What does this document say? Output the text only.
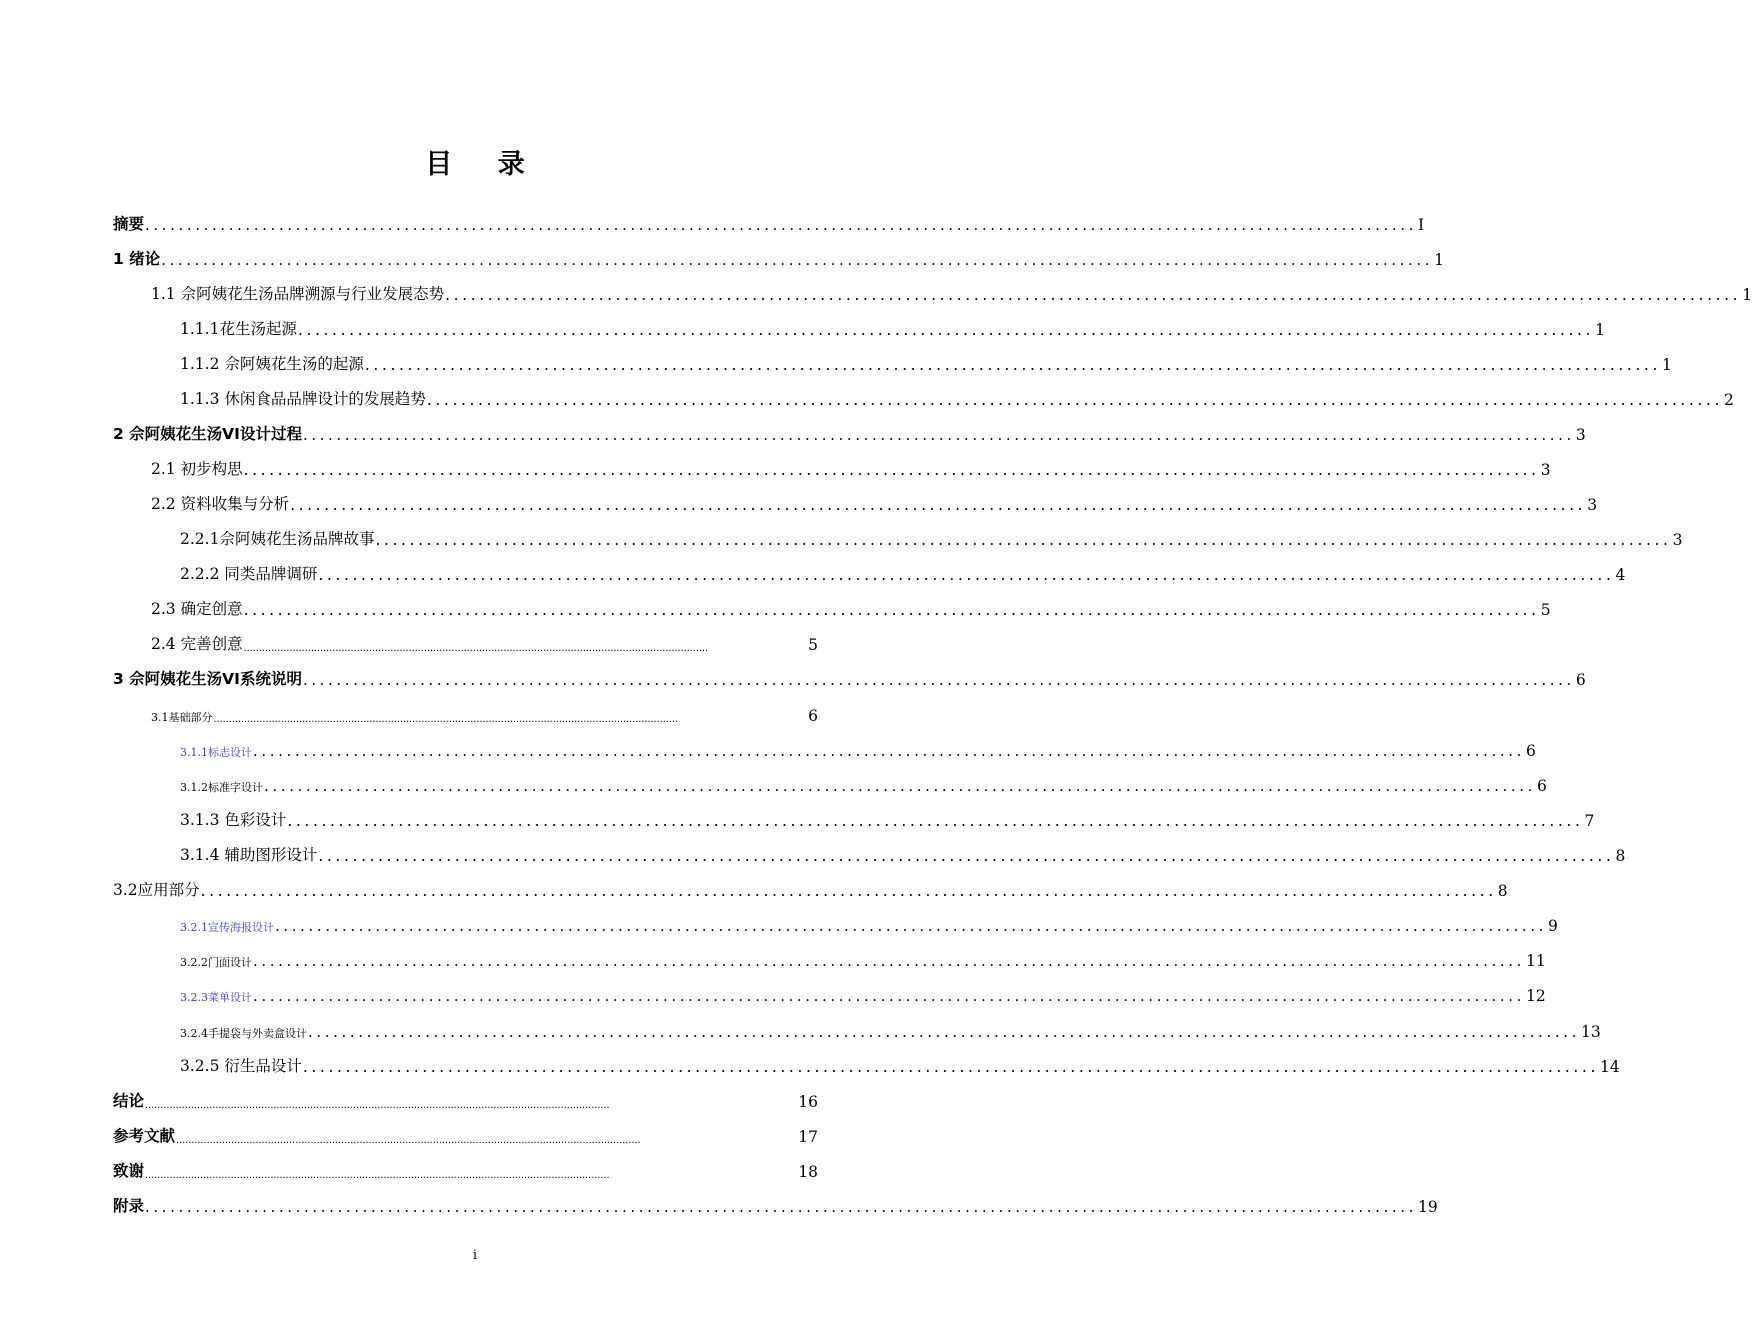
目 录
摘要 ........................................................................................................................................................ Ⅰ
1 绪论 ........................................................................................................................................................ 1
1.1 佘阿姨花生汤品牌溯源与行业发展态势 ........................................................................................................................................................ 1
1.1.1花生汤起源 ........................................................................................................................................................ 1
1.1.2 佘阿姨花生汤的起源 ........................................................................................................................................................ 1
1.1.3 休闲食品品牌设计的发展趋势 ........................................................................................................................................................ 2
2 佘阿姨花生汤VI设计过程 ........................................................................................................................................................ 3
2.1 初步构思 ........................................................................................................................................................ 3
2.2 资料收集与分析 ........................................................................................................................................................ 3
2.2.1佘阿姨花生汤品牌故事 ........................................................................................................................................................ 3
2.2.2 同类品牌调研 ........................................................................................................................................................ 4
2.3 确定创意 ........................................................................................................................................................ 5
2.4 完善创意 ........................................................................................................................................................	5
3 佘阿姨花生汤VI系统说明 ........................................................................................................................................................ 6
3.1基础部分 ........................................................................................................................................................	6
3.1.1标志设计 ........................................................................................................................................................ 6
3.1.2标准字设计 ........................................................................................................................................................ 6
3.1.3 色彩设计 ........................................................................................................................................................ 7
3.1.4 辅助图形设计 ........................................................................................................................................................ 8
3.2应用部分 ........................................................................................................................................................ 8
3.2.1宣传海报设计 ........................................................................................................................................................ 9
3.2.2门面设计 ........................................................................................................................................................ 11
3.2.3菜单设计 ........................................................................................................................................................ 12
3.2.4手提袋与外卖盒设计 ........................................................................................................................................................ 13
3.2.5 衍生品设计 ........................................................................................................................................................ 14
结论 ........................................................................................................................................................	16
参考文献 ........................................................................................................................................................	17
致谢 ........................................................................................................................................................	18
附录 ........................................................................................................................................................ 19
i
